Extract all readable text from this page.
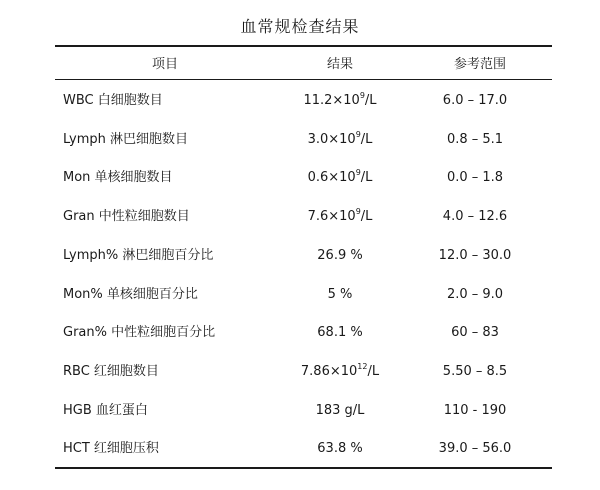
血常规检查结果
项目	结果	参考范围
WBC 白细胞数目	$11.2\times 10^9/L$	6.0 – 17.0
Lymph 淋巴细胞数目	$3.0\times 10^9/L$	0.8 – 5.1
Mon 单核细胞数目	$0.6\times 10^9/L$	0.0 – 1.8
Gran 中性粒细胞数目	$7.6\times 10^9/L$	4.0 – 12.6
Lymph% 淋巴细胞百分比	26.9 %	12.0 – 30.0
Mon% 单核细胞百分比	5 %	2.0 – 9.0
Gran% 中性粒细胞百分比	68.1 %	60 – 83
RBC 红细胞数目	$7.86\times 10^{12}/L$	5.50 – 8.5
HGB 血红蛋白	183 g/L	110 - 190
HCT 红细胞压积	63.8 %	39.0 – 56.0
